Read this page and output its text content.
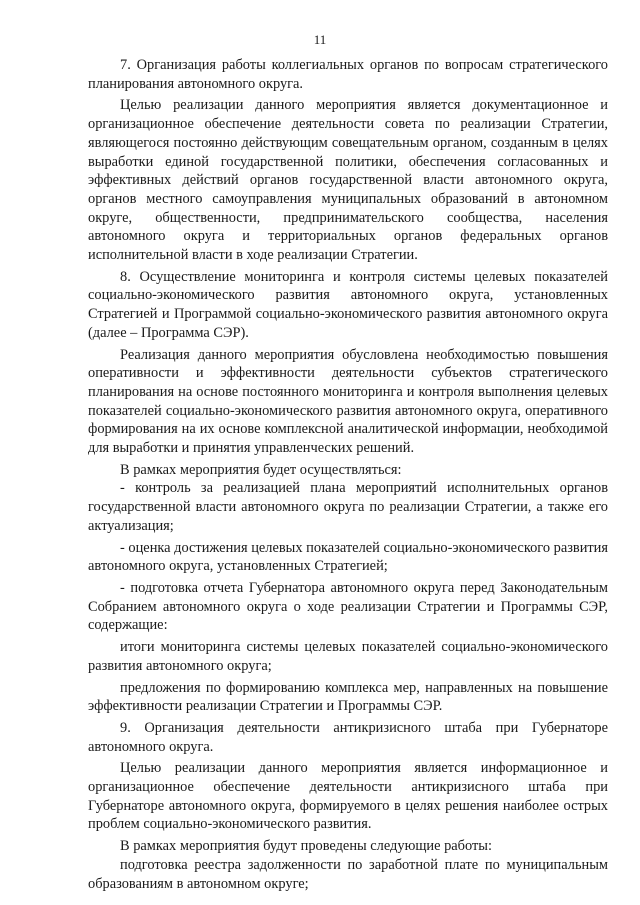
11

7. Организация работы коллегиальных органов по вопросам стратегического планирования автономного округа.

Целью реализации данного мероприятия является документационное и организационное обеспечение деятельности совета по реализации Стратегии, являющегося постоянно действующим совещательным органом, созданным в целях выработки единой государственной политики, обеспечения согласованных и эффективных действий органов государственной власти автономного округа, органов местного самоуправления муниципальных образований в автономном округе, общественности, предпринимательского сообщества, населения автономного округа и территориальных органов федеральных органов исполнительной власти в ходе реализации Стратегии.

8. Осуществление мониторинга и контроля системы целевых показателей социально-экономического развития автономного округа, установленных Стратегией и Программой социально-экономического развития автономного округа (далее – Программа СЭР).

Реализация данного мероприятия обусловлена необходимостью повышения оперативности и эффективности деятельности субъектов стратегического планирования на основе постоянного мониторинга и контроля выполнения целевых показателей социально-экономического развития автономного округа, оперативного формирования на их основе комплексной аналитической информации, необходимой для выработки и принятия управленческих решений.

В рамках мероприятия будет осуществляться:

- контроль за реализацией плана мероприятий исполнительных органов государственной власти автономного округа по реализации Стратегии, а также его актуализация;

- оценка достижения целевых показателей социально-экономического развития автономного округа, установленных Стратегией;

- подготовка отчета Губернатора автономного округа перед Законодательным Собранием автономного округа о ходе реализации Стратегии и Программы СЭР, содержащие:

итоги мониторинга системы целевых показателей социально-экономического развития автономного округа;

предложения по формированию комплекса мер, направленных на повышение эффективности реализации Стратегии и Программы СЭР.

9. Организация деятельности антикризисного штаба при Губернаторе автономного округа.

Целью реализации данного мероприятия является информационное и организационное обеспечение деятельности антикризисного штаба при Губернаторе автономного округа, формируемого в целях решения наиболее острых проблем социально-экономического развития.

В рамках мероприятия будут проведены следующие работы:

подготовка реестра задолженности по заработной плате по муниципальным образованиям в автономном округе;
